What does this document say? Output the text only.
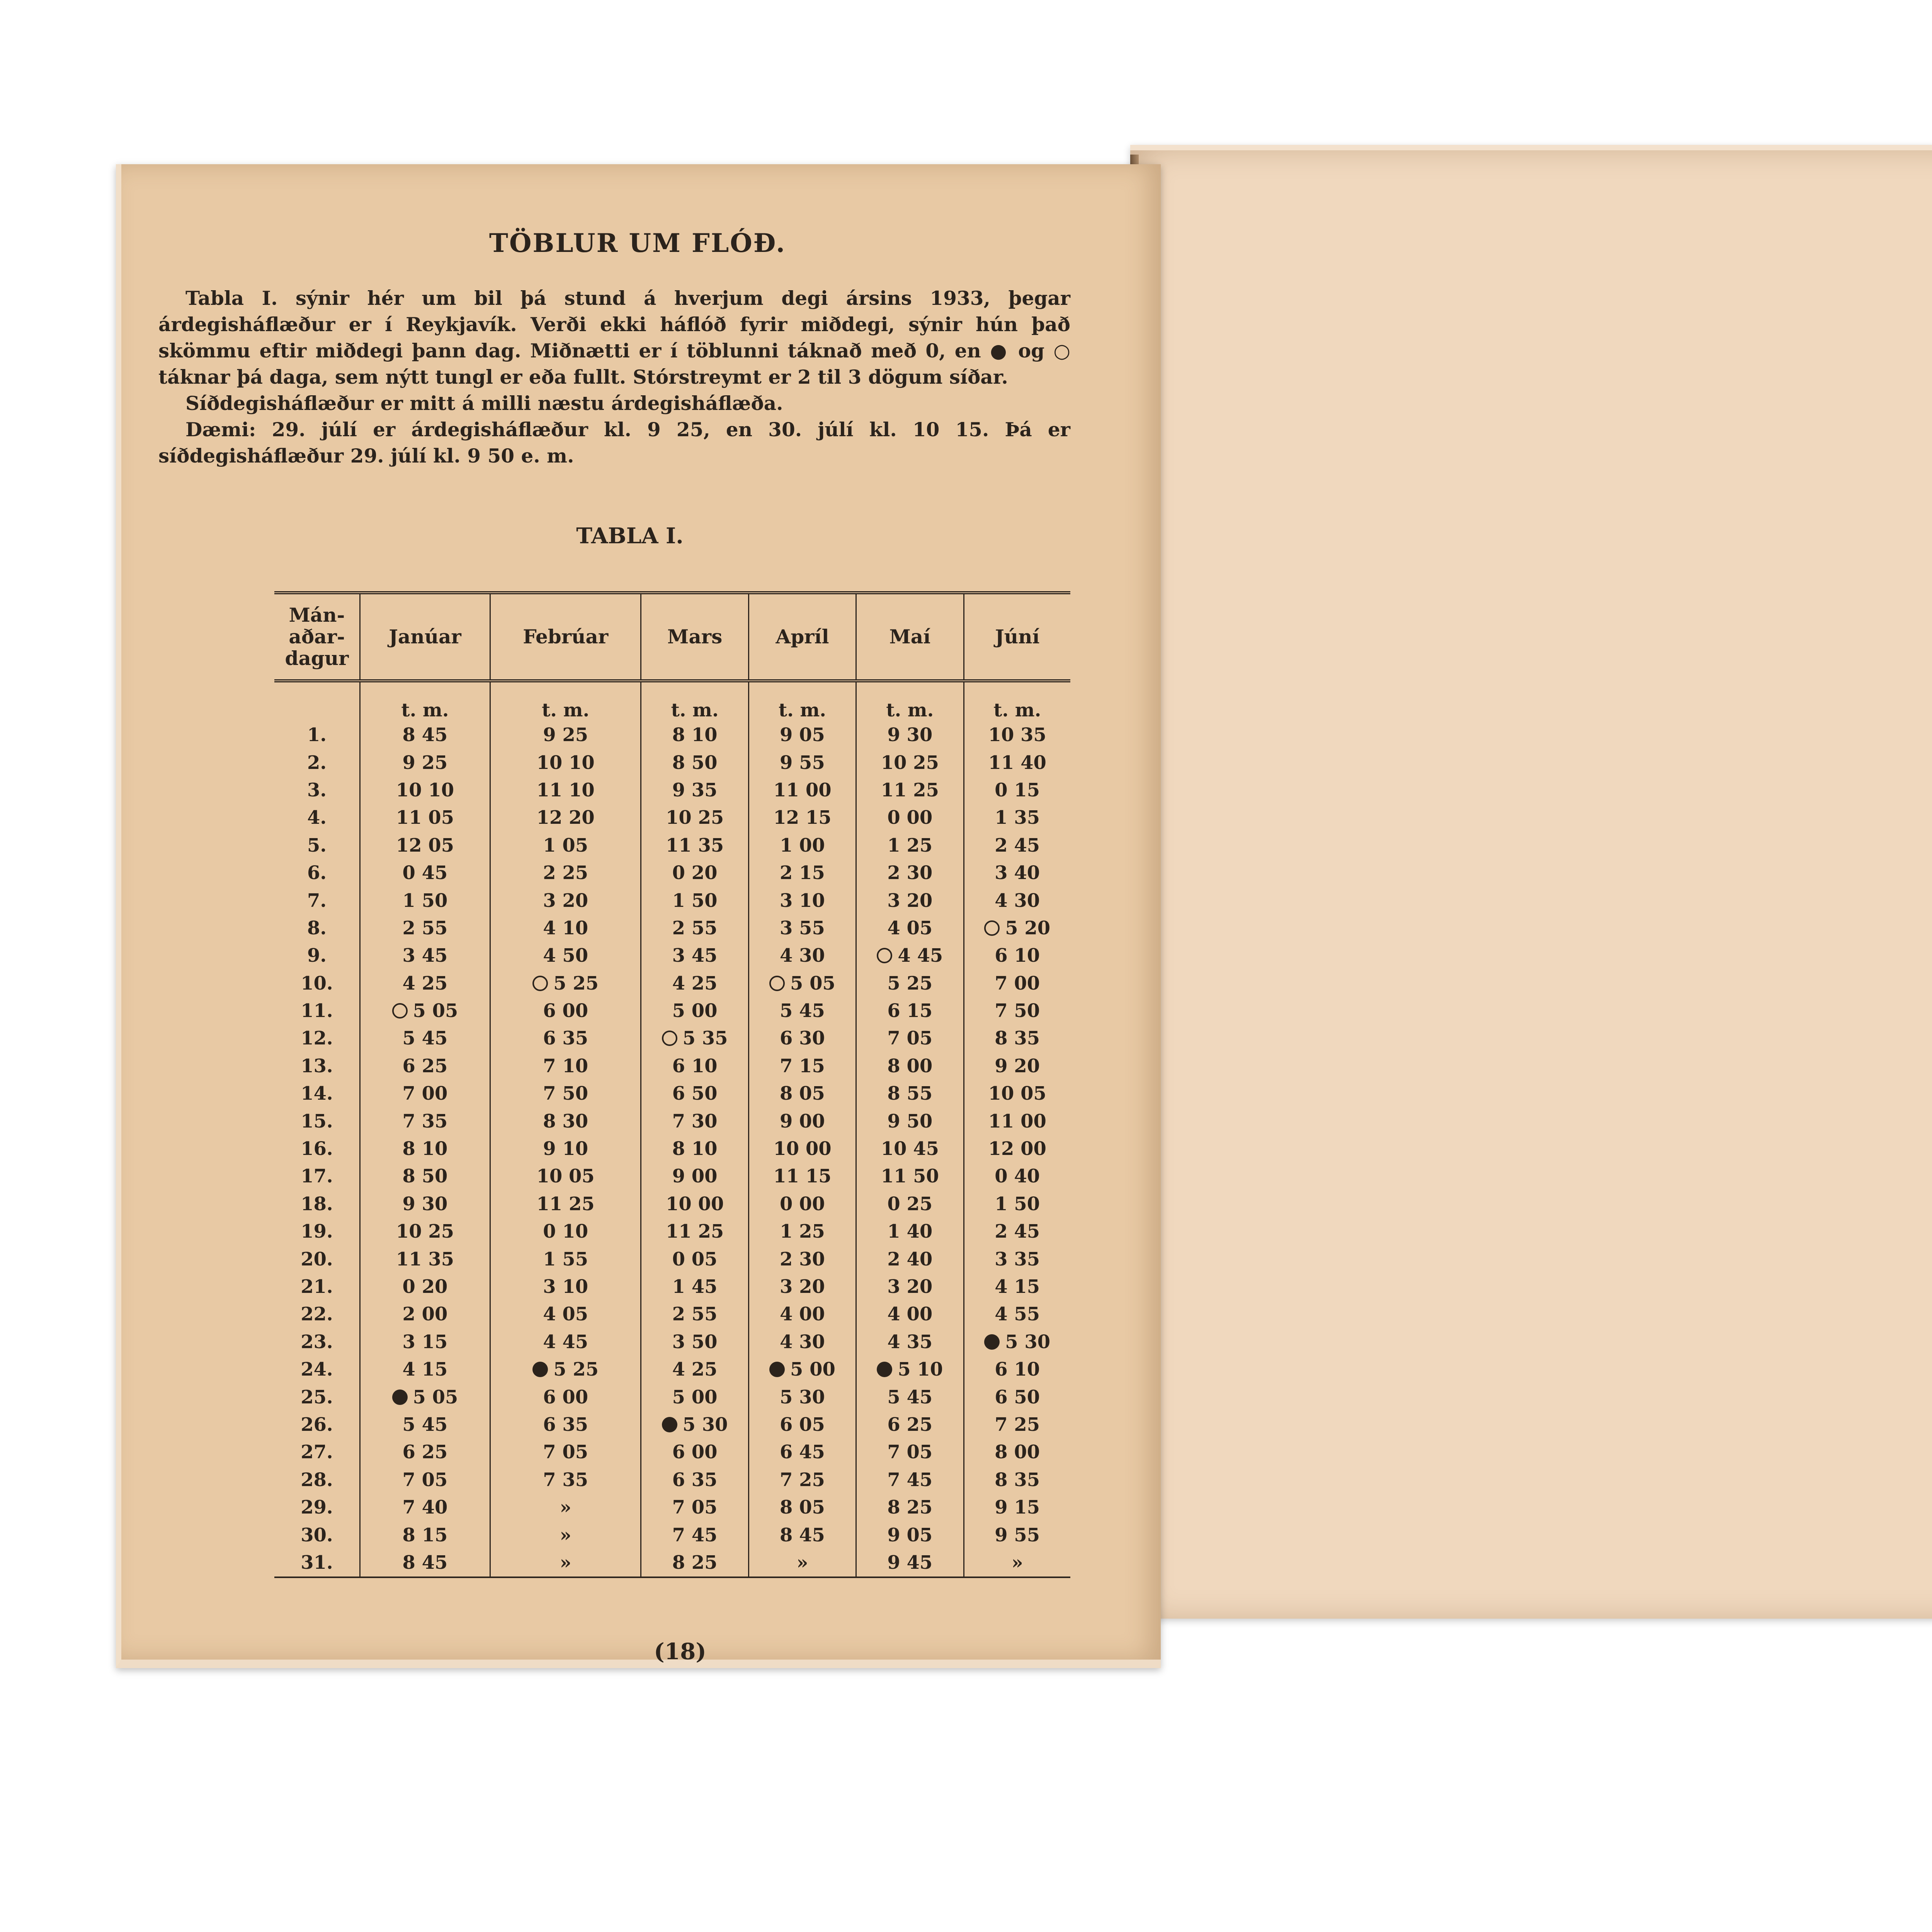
TÖBLUR UM FLÓÐ.

Tabla I. sýnir hér um bil þá stund á hverjum degi ársins 1933, þegar árdegisháflæður er í Reykjavík. Verði ekki háflóð fyrir miðdegi, sýnir hún það skömmu eftir miðdegi þann dag. Miðnætti er í töblunni táknað með 0, en ● og ○ táknar þá daga, sem nýtt tungl er eða fullt. Stórstreymt er 2 til 3 dögum síðar.

Síðdegisháflæður er mitt á milli næstu árdegisháflæða.

Dæmi: 29. júlí er árdegisháflæður kl. 9 25, en 30. júlí kl. 10 15. Þá er síðdegisháflæður 29. júlí kl. 9 50 e. m.

TABLA I.
Mán-aðar-dagur	Janúar	Febrúar	Mars	Apríl	Maí	Júní
	t. m.	t. m.	t. m.	t. m.	t. m.	t. m.
1.	8 45	9 25	8 10	9 05	9 30	10 35
2.	9 25	10 10	8 50	9 55	10 25	11 40
3.	10 10	11 10	9 35	11 00	11 25	0 15
4.	11 05	12 20	10 25	12 15	0 00	1 35
5.	12 05	1 05	11 35	1 00	1 25	2 45
6.	0 45	2 25	0 20	2 15	2 30	3 40
7.	1 50	3 20	1 50	3 10	3 20	4 30
8.	2 55	4 10	2 55	3 55	4 05	5 20
9.	3 45	4 50	3 45	4 30	4 45	6 10
10.	4 25	5 25	4 25	5 05	5 25	7 00
11.	5 05	6 00	5 00	5 45	6 15	7 50
12.	5 45	6 35	5 35	6 30	7 05	8 35
13.	6 25	7 10	6 10	7 15	8 00	9 20
14.	7 00	7 50	6 50	8 05	8 55	10 05
15.	7 35	8 30	7 30	9 00	9 50	11 00
16.	8 10	9 10	8 10	10 00	10 45	12 00
17.	8 50	10 05	9 00	11 15	11 50	0 40
18.	9 30	11 25	10 00	0 00	0 25	1 50
19.	10 25	0 10	11 25	1 25	1 40	2 45
20.	11 35	1 55	0 05	2 30	2 40	3 35
21.	0 20	3 10	1 45	3 20	3 20	4 15
22.	2 00	4 05	2 55	4 00	4 00	4 55
23.	3 15	4 45	3 50	4 30	4 35	5 30
24.	4 15	5 25	4 25	5 00	5 10	6 10
25.	5 05	6 00	5 00	5 30	5 45	6 50
26.	5 45	6 35	5 30	6 05	6 25	7 25
27.	6 25	7 05	6 00	6 45	7 05	8 00
28.	7 05	7 35	6 35	7 25	7 45	8 35
29.	7 40	»	7 05	8 05	8 25	9 15
30.	8 15	»	7 45	8 45	9 05	9 55
31.	8 45	»	8 25	»	9 45	»
(18)
